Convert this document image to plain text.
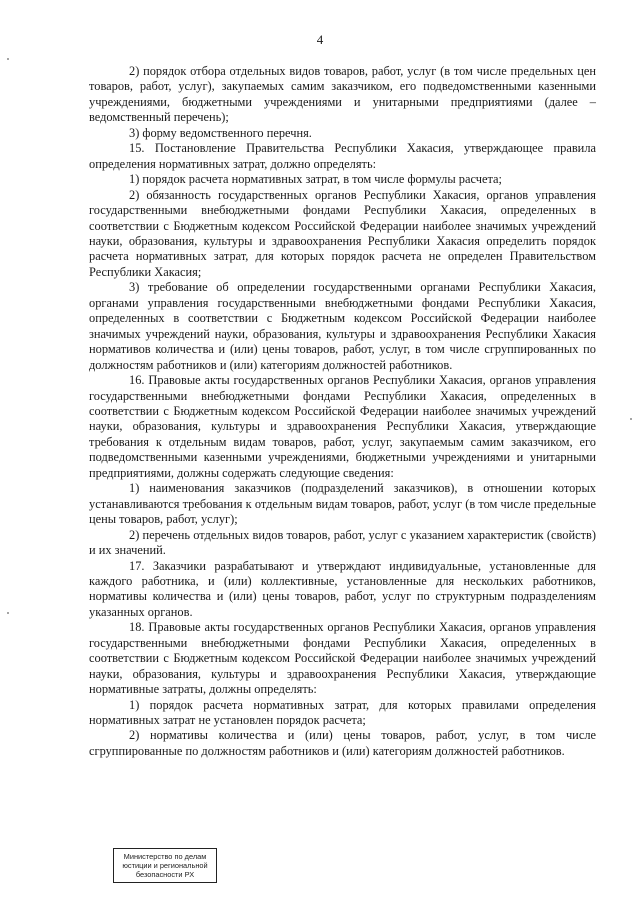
4

2) порядок отбора отдельных видов товаров, работ, услуг (в том числе предельных цен товаров, работ, услуг), закупаемых самим заказчиком, его подведомственными казенными учреждениями, бюджетными учреждениями и унитарными предприятиями (далее – ведомственный перечень);

3) форму ведомственного перечня.

15. Постановление Правительства Республики Хакасия, утверждающее правила определения нормативных затрат, должно определять:

1) порядок расчета нормативных затрат, в том числе формулы расчета;

2) обязанность государственных органов Республики Хакасия, органов управления государственными внебюджетными фондами Республики Хакасия, определенных в соответствии с Бюджетным кодексом Российской Федерации наиболее значимых учреждений науки, образования, культуры и здравоохранения Республики Хакасия определить порядок расчета нормативных затрат, для которых порядок расчета не определен Правительством Республики Хакасия;

3) требование об определении государственными органами Республики Хакасия, органами управления государственными внебюджетными фондами Республики Хакасия, определенных в соответствии с Бюджетным кодексом Российской Федерации наиболее значимых учреждений науки, образования, культуры и здравоохранения Республики Хакасия нормативов количества и (или) цены товаров, работ, услуг, в том числе сгруппированных по должностям работников и (или) категориям должностей работников.

16. Правовые акты государственных органов Республики Хакасия, органов управления государственными внебюджетными фондами Республики Хакасия, определенных в соответствии с Бюджетным кодексом Российской Федерации наиболее значимых учреждений науки, образования, культуры и здравоохранения Республики Хакасия, утверждающие требования к отдельным видам товаров, работ, услуг, закупаемым самим заказчиком, его подведомственными казенными учреждениями, бюджетными учреждениями и унитарными предприятиями, должны содержать следующие сведения:

1) наименования заказчиков (подразделений заказчиков), в отношении которых устанавливаются требования к отдельным видам товаров, работ, услуг (в том числе предельные цены товаров, работ, услуг);

2) перечень отдельных видов товаров, работ, услуг с указанием характеристик (свойств) и их значений.

17. Заказчики разрабатывают и утверждают индивидуальные, установленные для каждого работника, и (или) коллективные, установленные для нескольких работников, нормативы количества и (или) цены товаров, работ, услуг по структурным подразделениям указанных органов.

18. Правовые акты государственных органов Республики Хакасия, органов управления государственными внебюджетными фондами Республики Хакасия, определенных в соответствии с Бюджетным кодексом Российской Федерации наиболее значимых учреждений науки, образования, культуры и здравоохранения Республики Хакасия, утверждающие нормативные затраты, должны определять:

1) порядок расчета нормативных затрат, для которых правилами определения нормативных затрат не установлен порядок расчета;

2) нормативы количества и (или) цены товаров, работ, услуг, в том числе сгруппированные по должностям работников и (или) категориям должностей работников.

Министерство по делам
юстиции и региональной
безопасности РХ
